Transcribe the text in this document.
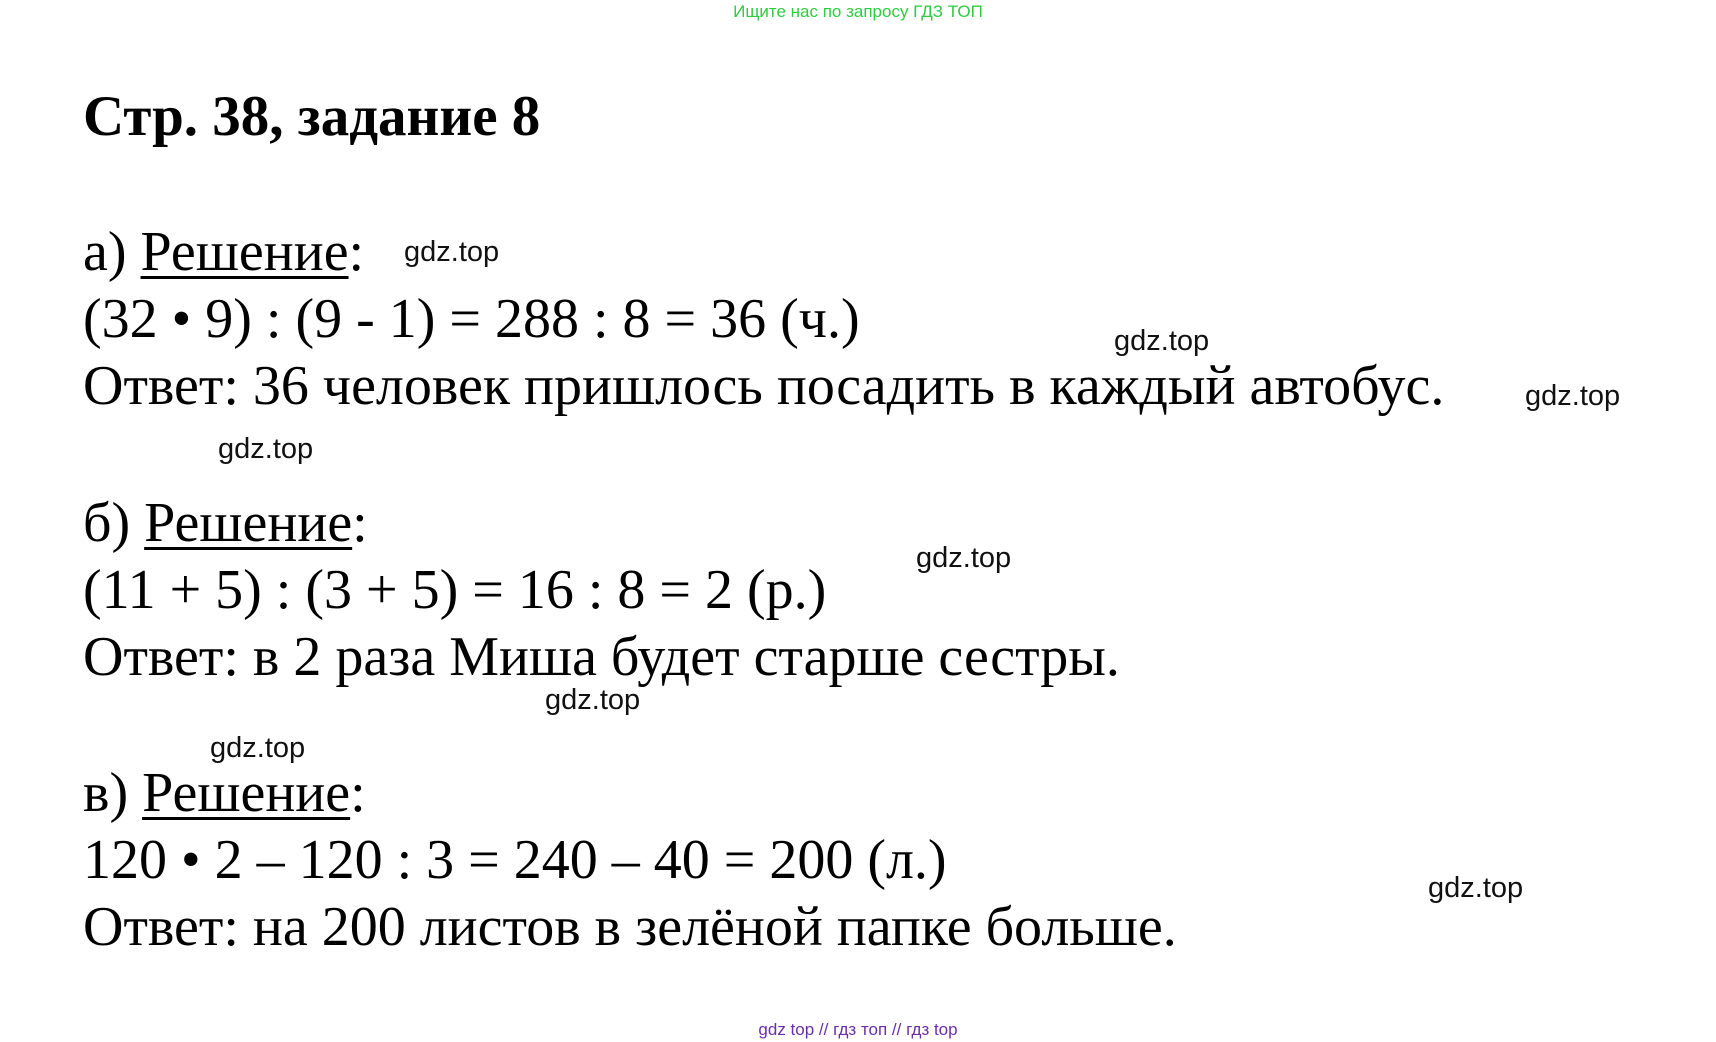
Ищите нас по запросу ГДЗ ТОП
Стр. 38, задание 8
а) Решение:
(32 • 9) : (9 - 1) = 288 : 8 = 36 (ч.)
Ответ: 36 человек пришлось посадить в каждый автобус.
б) Решение:
(11 + 5) : (3 + 5) = 16 : 8 = 2 (р.)
Ответ: в 2 раза Миша будет старше сестры.
в) Решение:
120 • 2 – 120 : 3 = 240 – 40 = 200 (л.)
Ответ: на 200 листов в зелёной папке больше.
gdz.top
gdz.top
gdz.top
gdz.top
gdz.top
gdz.top
gdz.top
gdz.top
gdz top // гдз топ // гдз top
